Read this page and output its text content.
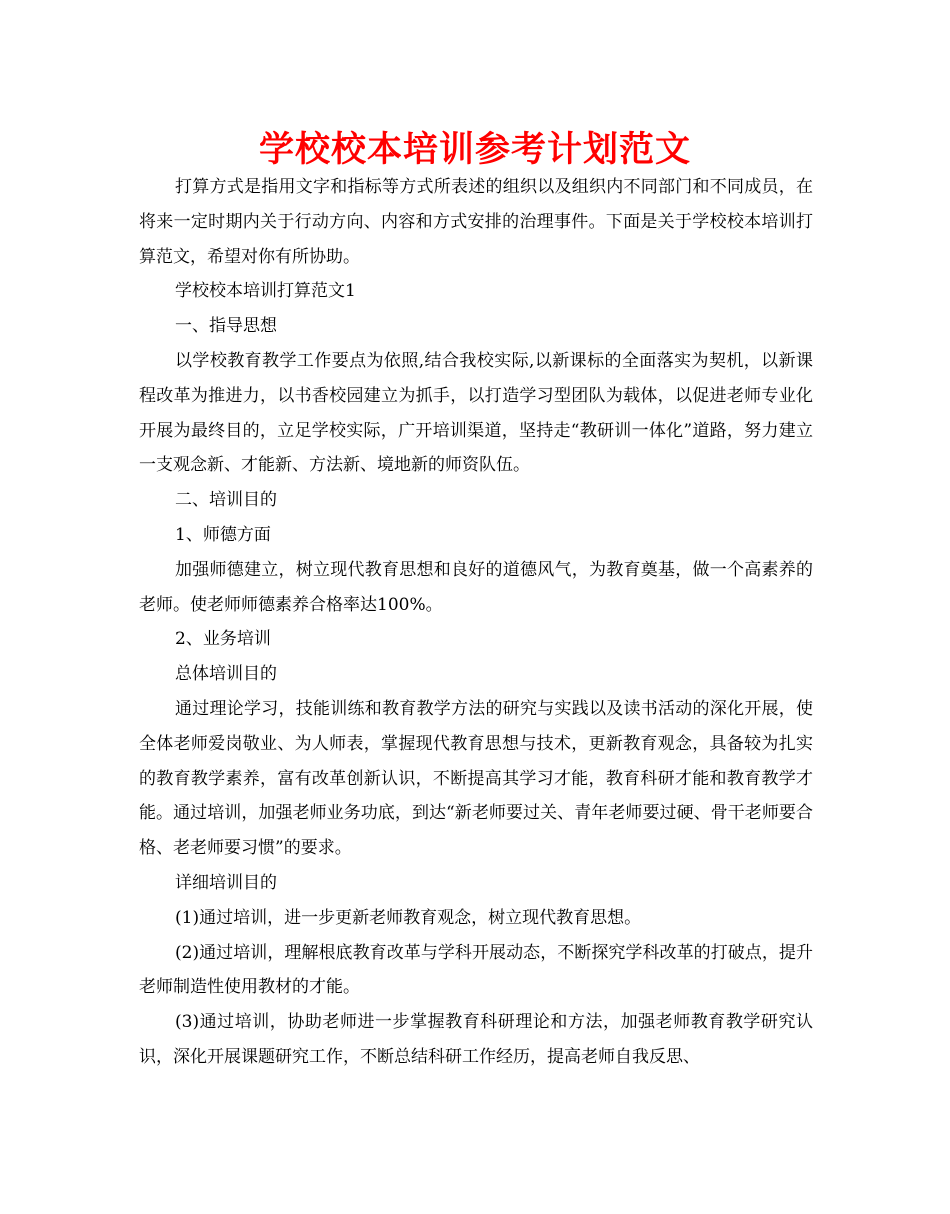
学校校本培训参考计划范文

打算方式是指用文字和指标等方式所表述的组织以及组织内不同部门和不同成员，在将来一定时期内关于行动方向、内容和方式安排的治理事件。下面是关于学校校本培训打算范文，希望对你有所协助。

学校校本培训打算范文1

一、指导思想

以学校教育教学工作要点为依照,结合我校实际,以新课标的全面落实为契机，以新课程改革为推进力，以书香校园建立为抓手，以打造学习型团队为载体，以促进老师专业化开展为最终目的，立足学校实际，广开培训渠道，坚持走“教研训一体化”道路，努力建立一支观念新、才能新、方法新、境地新的师资队伍。

二、培训目的

1、师德方面

加强师德建立，树立现代教育思想和良好的道德风气，为教育奠基，做一个高素养的老师。使老师师德素养合格率达100%。

2、业务培训

总体培训目的

通过理论学习，技能训练和教育教学方法的研究与实践以及读书活动的深化开展，使全体老师爱岗敬业、为人师表，掌握现代教育思想与技术，更新教育观念，具备较为扎实的教育教学素养，富有改革创新认识，不断提高其学习才能，教育科研才能和教育教学才能。通过培训，加强老师业务功底，到达“新老师要过关、青年老师要过硬、骨干老师要合格、老老师要习惯”的要求。

详细培训目的

(1)通过培训，进一步更新老师教育观念，树立现代教育思想。

(2)通过培训，理解根底教育改革与学科开展动态，不断探究学科改革的打破点，提升老师制造性使用教材的才能。

(3)通过培训，协助老师进一步掌握教育科研理论和方法，加强老师教育教学研究认识，深化开展课题研究工作，不断总结科研工作经历，提高老师自我反思、
